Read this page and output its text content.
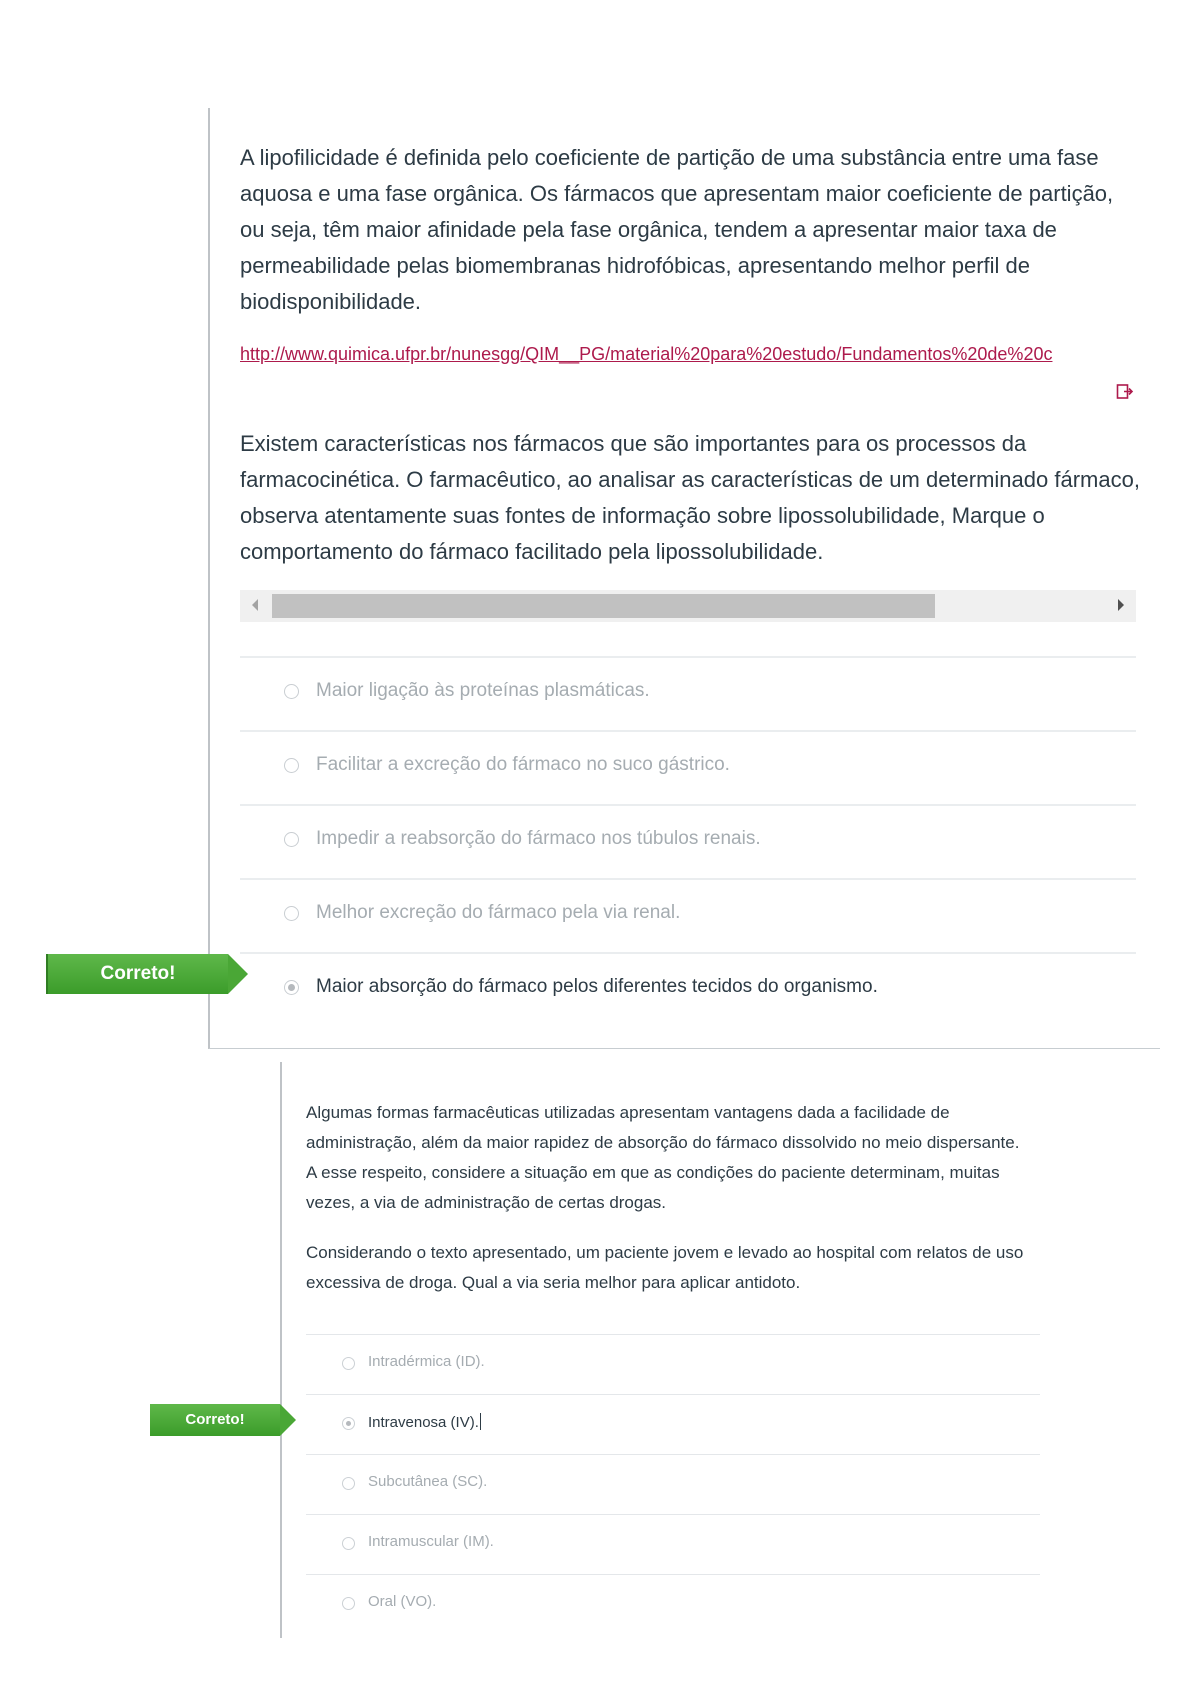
A lipofilicidade é definida pelo coeficiente de partição de uma substância entre uma fase aquosa e uma fase orgânica. Os fármacos que apresentam maior coeficiente de partição, ou seja, têm maior afinidade pela fase orgânica, tendem a apresentar maior taxa de permeabilidade pelas biomembranas hidrofóbicas, apresentando melhor perfil de biodisponibilidade.

http://www.quimica.ufpr.br/nunesgg/QIM__PG/material%20para%20estudo/Fundamentos%20de%20c

Existem características nos fármacos que são importantes para os processos da farmacocinética. O farmacêutico, ao analisar as características de um determinado fármaco, observa atentamente suas fontes de informação sobre lipossolubilidade, Marque o comportamento do fármaco facilitado pela lipossolubilidade.

Maior ligação às proteínas plasmáticas.
Facilitar a excreção do fármaco no suco gástrico.
Impedir a reabsorção do fármaco nos túbulos renais.
Melhor excreção do fármaco pela via renal.
Maior absorção do fármaco pelos diferentes tecidos do organismo.
Correto!

Algumas formas farmacêuticas utilizadas apresentam vantagens dada a facilidade de administração, além da maior rapidez de absorção do fármaco dissolvido no meio dispersante. A esse respeito, considere a situação em que as condições do paciente determinam, muitas vezes, a via de administração de certas drogas.

Considerando o texto apresentado, um paciente jovem e levado ao hospital com relatos de uso excessiva de droga. Qual a via seria melhor para aplicar antidoto.

Intradérmica (ID).
Intravenosa (IV).
Subcutânea (SC).
Intramuscular (IM).
Oral (VO).
Correto!
